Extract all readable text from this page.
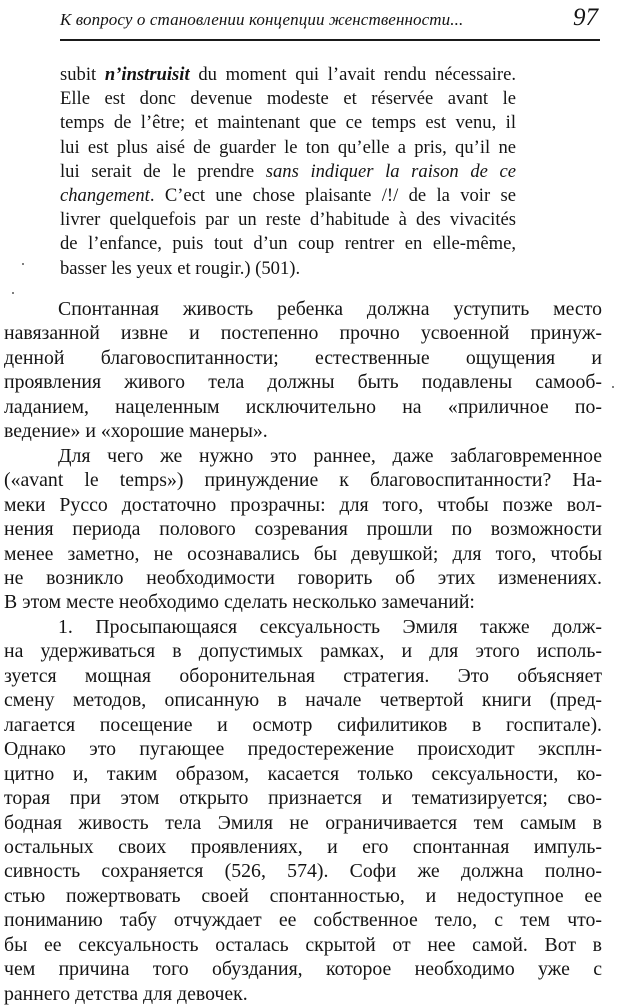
К вопросу о становлении концепции женственности...	97
subit n’instruisit du moment qui l’avait rendu nécessaire.
Elle est donc devenue modeste et réservée avant le
temps de l’être; et maintenant que ce temps est venu, il
lui est plus aisé de guarder le ton qu’elle a pris, qu’il ne
lui serait de le prendre sans indiquer la raison de ce
changement. C’ect une chose plaisante /!/ de la voir se
livrer quelquefois par un reste d’habitude à des vivacités
de l’enfance, puis tout d’un coup rentrer en elle-même,
basser les yeux et rougir.) (501).
Спонтанная живость ребенка должна уступить место
навязанной извне и постепенно прочно усвоенной принуж-
денной благовоспитанности; естественные ощущения и
проявления живого тела должны быть подавлены самооб-
ладанием, нацеленным исключительно на «приличное по-
ведение» и «хорошие манеры».
Для чего же нужно это раннее, даже заблаговременное
(«avant le temps») принуждение к благовоспитанности? На-
меки Руссо достаточно прозрачны: для того, чтобы позже вол-
нения периода полового созревания прошли по возможности
менее заметно, не осознавались бы девушкой; для того, чтобы
не возникло необходимости говорить об этих изменениях.
В этом месте необходимо сделать несколько замечаний:
1. Просыпающаяся сексуальность Эмиля также долж-
на удерживаться в допустимых рамках, и для этого исполь-
зуется мощная оборонительная стратегия. Это объясняет
смену методов, описанную в начале четвертой книги (пред-
лагается посещение и осмотр сифилитиков в госпитале).
Однако это пугающее предостережение происходит эксплн-
цитно и, таким образом, касается только сексуальности, ко-
торая при этом открыто признается и тематизируется; сво-
бодная живость тела Эмиля не ограничивается тем самым в
остальных своих проявлениях, и его спонтанная импуль-
сивность сохраняется (526, 574). Софи же должна полно-
стью пожертвовать своей спонтанностью, и недоступное ее
пониманию табу отчуждает ее собственное тело, с тем что-
бы ее сексуальность осталась скрытой от нее самой. Вот в
чем причина того обуздания, которое необходимо уже с
раннего детства для девочек.
